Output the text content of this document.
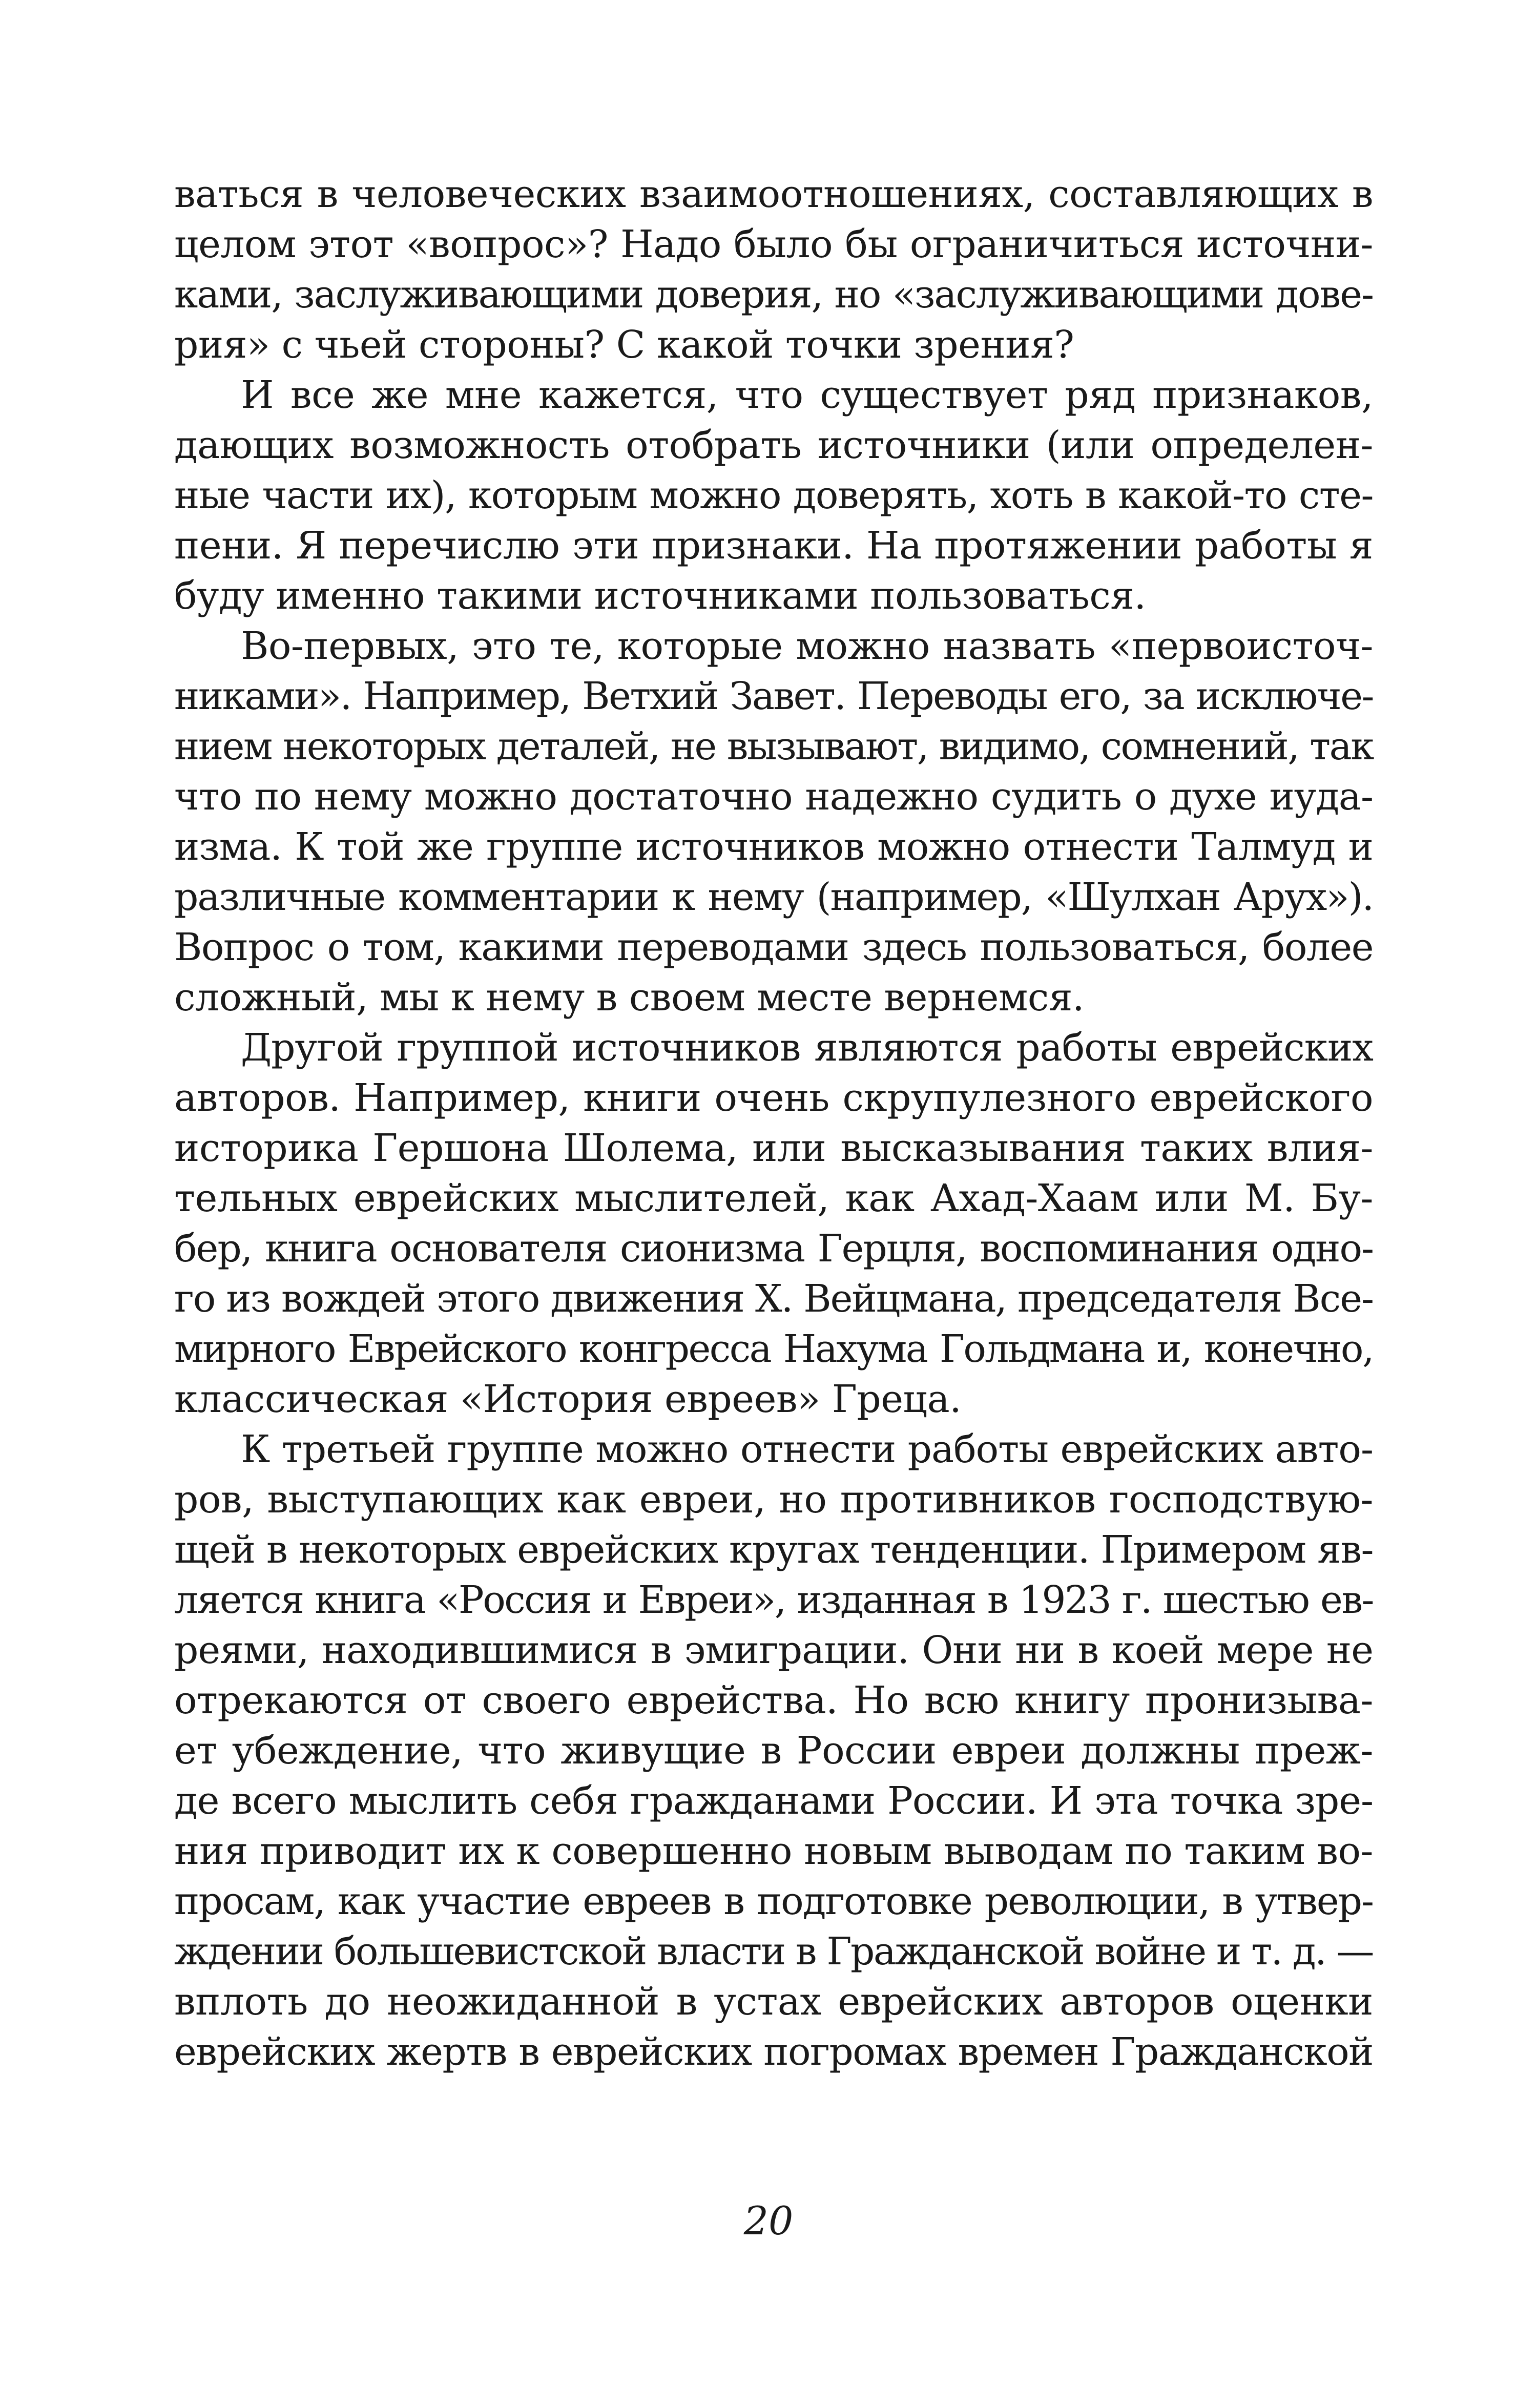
ваться в человеческих взаимоотношениях, составляющих в
целом этот «вопрос»? Надо было бы ограничиться источни-
ками, заслуживающими доверия, но «заслуживающими дове-
рия» с чьей стороны? С какой точки зрения?
И все же мне кажется, что существует ряд признаков,
дающих возможность отобрать источники (или определен-
ные части их), которым можно доверять, хоть в какой-то сте-
пени. Я перечислю эти признаки. На протяжении работы я
буду именно такими источниками пользоваться.
Во-первых, это те, которые можно назвать «первоисточ-
никами». Например, Ветхий Завет. Переводы его, за исключе-
нием некоторых деталей, не вызывают, видимо, сомнений, так
что по нему можно достаточно надежно судить о духе иуда-
изма. К той же группе источников можно отнести Талмуд и
различные комментарии к нему (например, «Шулхан Арух»).
Вопрос о том, какими переводами здесь пользоваться, более
сложный, мы к нему в своем месте вернемся.
Другой группой источников являются работы еврейских
авторов. Например, книги очень скрупулезного еврейского
историка Гершона Шолема, или высказывания таких влия-
тельных еврейских мыслителей, как Ахад-Хаам или М. Бу-
бер, книга основателя сионизма Герцля, воспоминания одно-
го из вождей этого движения Х. Вейцмана, председателя Все-
мирного Еврейского конгресса Нахума Гольдмана и, конечно,
классическая «История евреев» Греца.
К третьей группе можно отнести работы еврейских авто-
ров, выступающих как евреи, но противников господствую-
щей в некоторых еврейских кругах тенденции. Примером яв-
ляется книга «Россия и Евреи», изданная в 1923 г. шестью ев-
реями, находившимися в эмиграции. Они ни в коей мере не
отрекаются от своего еврейства. Но всю книгу пронизыва-
ет убеждение, что живущие в России евреи должны преж-
де всего мыслить себя гражданами России. И эта точка зре-
ния приводит их к совершенно новым выводам по таким во-
просам, как участие евреев в подготовке революции, в утвер-
ждении большевистской власти в Гражданской войне и т. д. —
вплоть до неожиданной в устах еврейских авторов оценки
еврейских жертв в еврейских погромах времен Гражданской
20
